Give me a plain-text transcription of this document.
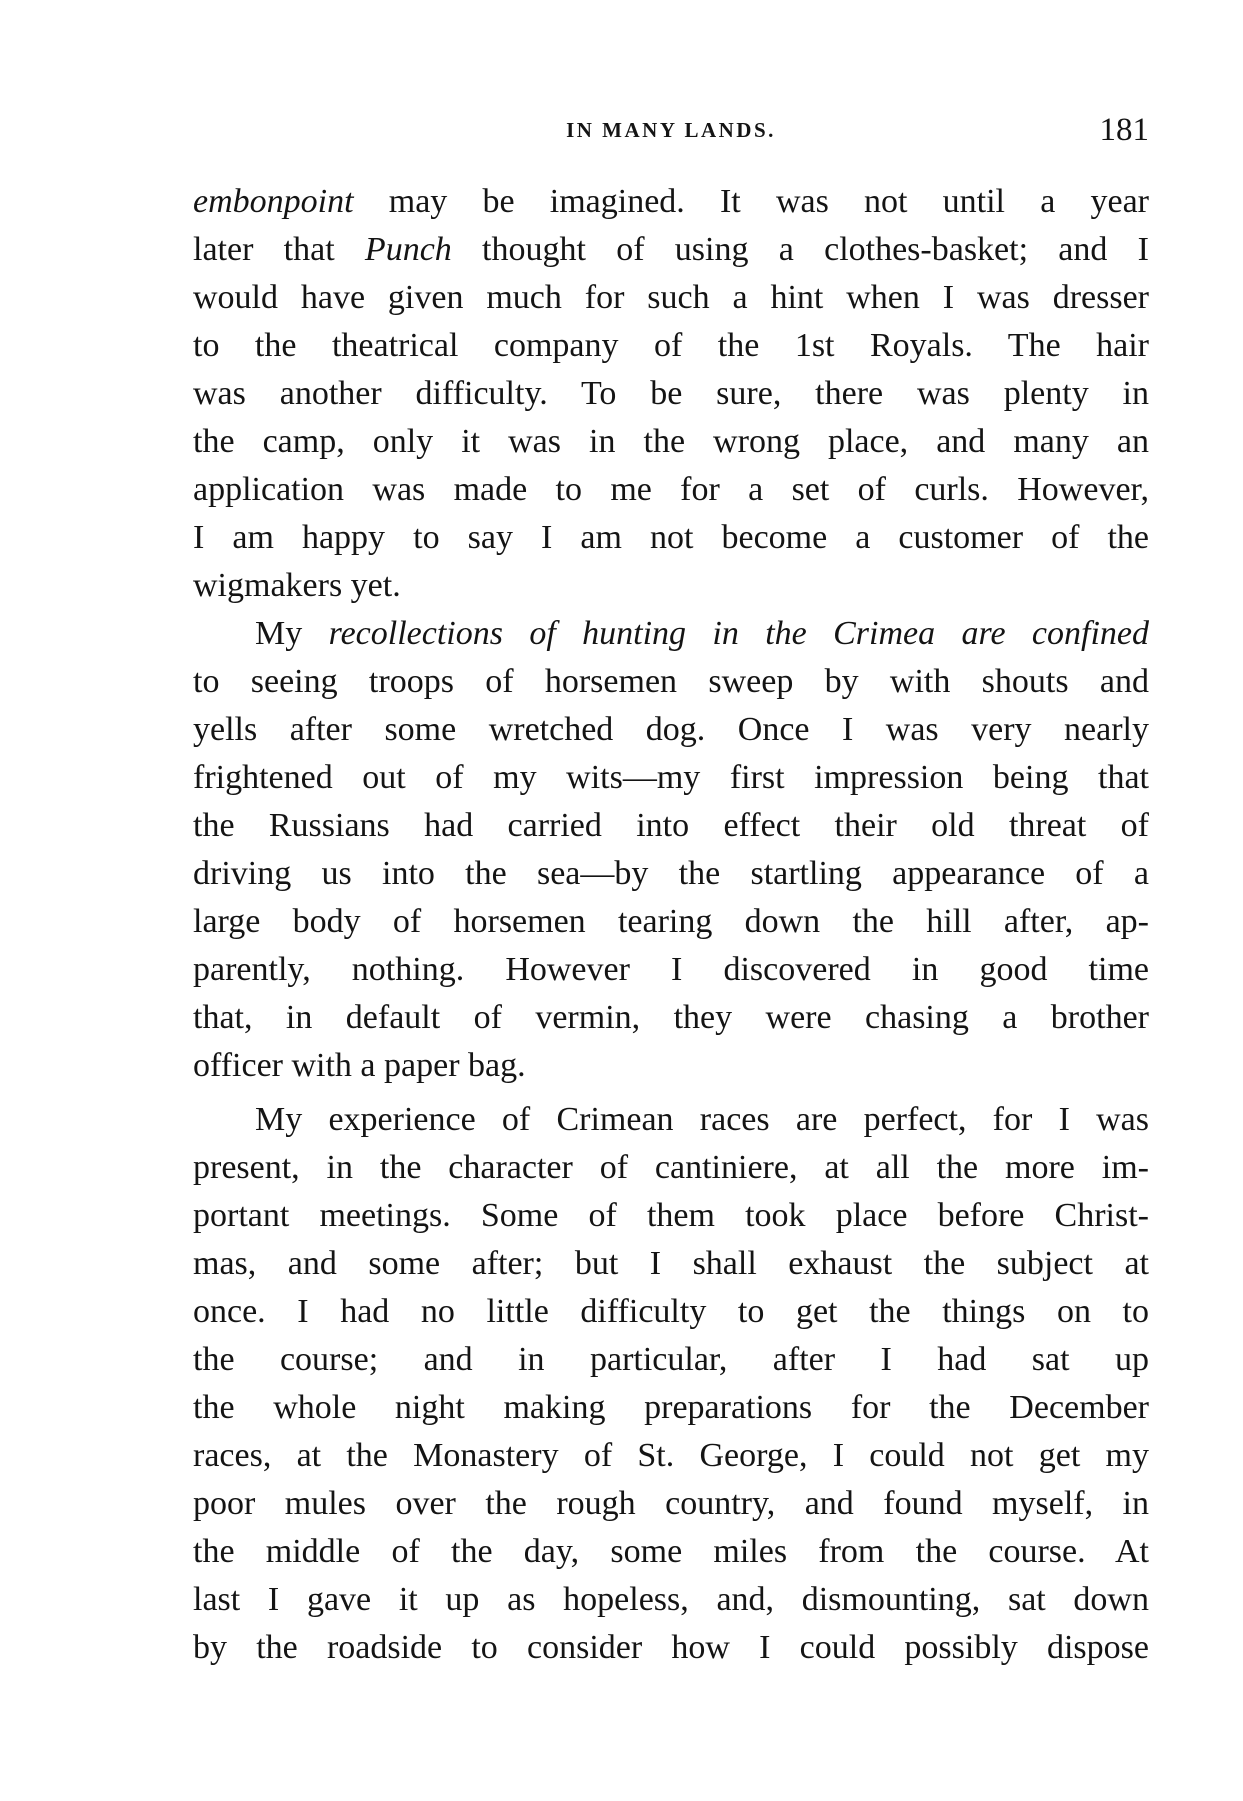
IN MANY LANDS.	181
embonpoint may be imagined. It was not until a year
later that Punch thought of using a clothes-basket; and I
would have given much for such a hint when I was dresser
to the theatrical company of the 1st Royals. The hair
was another difficulty. To be sure, there was plenty in
the camp, only it was in the wrong place, and many an
application was made to me for a set of curls. However,
I am happy to say I am not become a customer of the
wigmakers yet.
My recollections of hunting in the Crimea are confined
to seeing troops of horsemen sweep by with shouts and
yells after some wretched dog. Once I was very nearly
frightened out of my wits—my first impression being that
the Russians had carried into effect their old threat of
driving us into the sea—by the startling appearance of a
large body of horsemen tearing down the hill after, ap-
parently, nothing. However I discovered in good time
that, in default of vermin, they were chasing a brother
officer with a paper bag.
My experience of Crimean races are perfect, for I was
present, in the character of cantiniere, at all the more im-
portant meetings. Some of them took place before Christ-
mas, and some after; but I shall exhaust the subject at
once. I had no little difficulty to get the things on to
the course; and in particular, after I had sat up
the whole night making preparations for the December
races, at the Monastery of St. George, I could not get my
poor mules over the rough country, and found myself, in
the middle of the day, some miles from the course. At
last I gave it up as hopeless, and, dismounting, sat down
by the roadside to consider how I could possibly dispose
